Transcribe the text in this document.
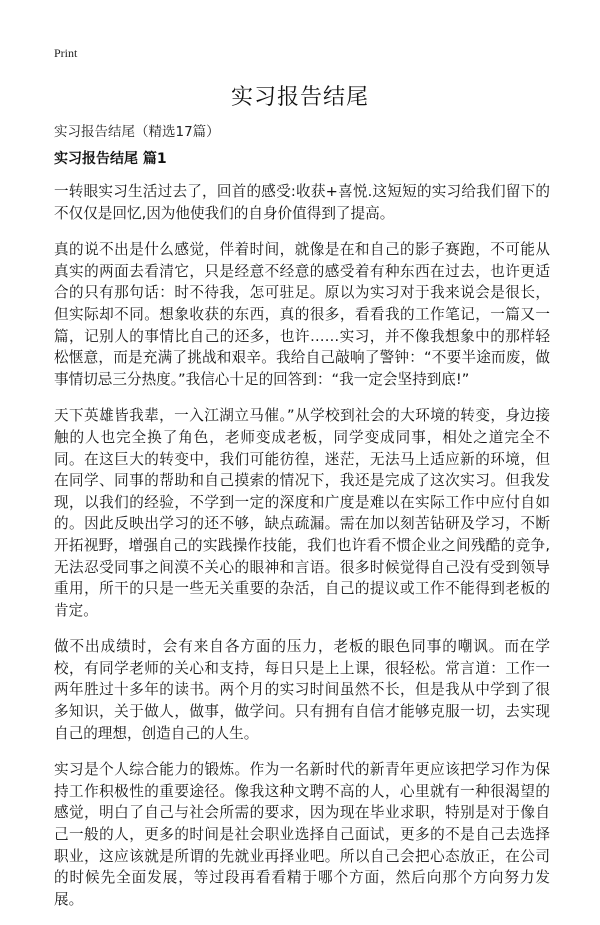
Print
实习报告结尾
实习报告结尾（精选17篇）
实习报告结尾 篇1

一转眼实习生活过去了，回首的感受:收获+喜悦.这短短的实习给我们留下的不仅仅是回忆,因为他使我们的自身价值得到了提高。

真的说不出是什么感觉，伴着时间，就像是在和自己的影子赛跑，不可能从真实的两面去看清它，只是经意不经意的感受着有种东西在过去，也许更适合的只有那句话：时不待我，怎可驻足。原以为实习对于我来说会是很长，但实际却不同。想象收获的东西，真的很多，看看我的工作笔记，一篇又一篇，记别人的事情比自己的还多，也许……实习，并不像我想象中的那样轻松惬意，而是充满了挑战和艰辛。我给自己敲响了警钟：“不要半途而废，做事情切忌三分热度。”我信心十足的回答到：“我一定会坚持到底!”

天下英雄皆我辈，一入江湖立马催。”从学校到社会的大环境的转变，身边接触的人也完全换了角色，老师变成老板，同学变成同事，相处之道完全不同。在这巨大的转变中，我们可能彷徨，迷茫，无法马上适应新的环境，但在同学、同事的帮助和自己摸索的情况下，我还是完成了这次实习。但我发现，以我们的经验，不学到一定的深度和广度是难以在实际工作中应付自如的。因此反映出学习的还不够，缺点疏漏。需在加以刻苦钻研及学习，不断开拓视野，增强自己的实践操作技能，我们也许看不惯企业之间残酷的竞争,无法忍受同事之间漠不关心的眼神和言语。很多时候觉得自己没有受到领导重用，所干的只是一些无关重要的杂活，自己的提议或工作不能得到老板的肯定。

做不出成绩时，会有来自各方面的压力，老板的眼色同事的嘲讽。而在学校，有同学老师的关心和支持，每日只是上上课，很轻松。常言道：工作一两年胜过十多年的读书。两个月的实习时间虽然不长，但是我从中学到了很多知识，关于做人，做事，做学问。只有拥有自信才能够克服一切，去实现自己的理想，创造自己的人生。

实习是个人综合能力的锻炼。作为一名新时代的新青年更应该把学习作为保持工作积极性的重要途径。像我这种文聘不高的人，心里就有一种很渴望的感觉，明白了自己与社会所需的要求，因为现在毕业求职，特别是对于像自己一般的人，更多的时间是社会职业选择自己面试，更多的不是自己去选择职业，这应该就是所谓的先就业再择业吧。所以自己会把心态放正，在公司的时候先全面发展，等过段再看看精于哪个方面，然后向那个方向努力发展。
